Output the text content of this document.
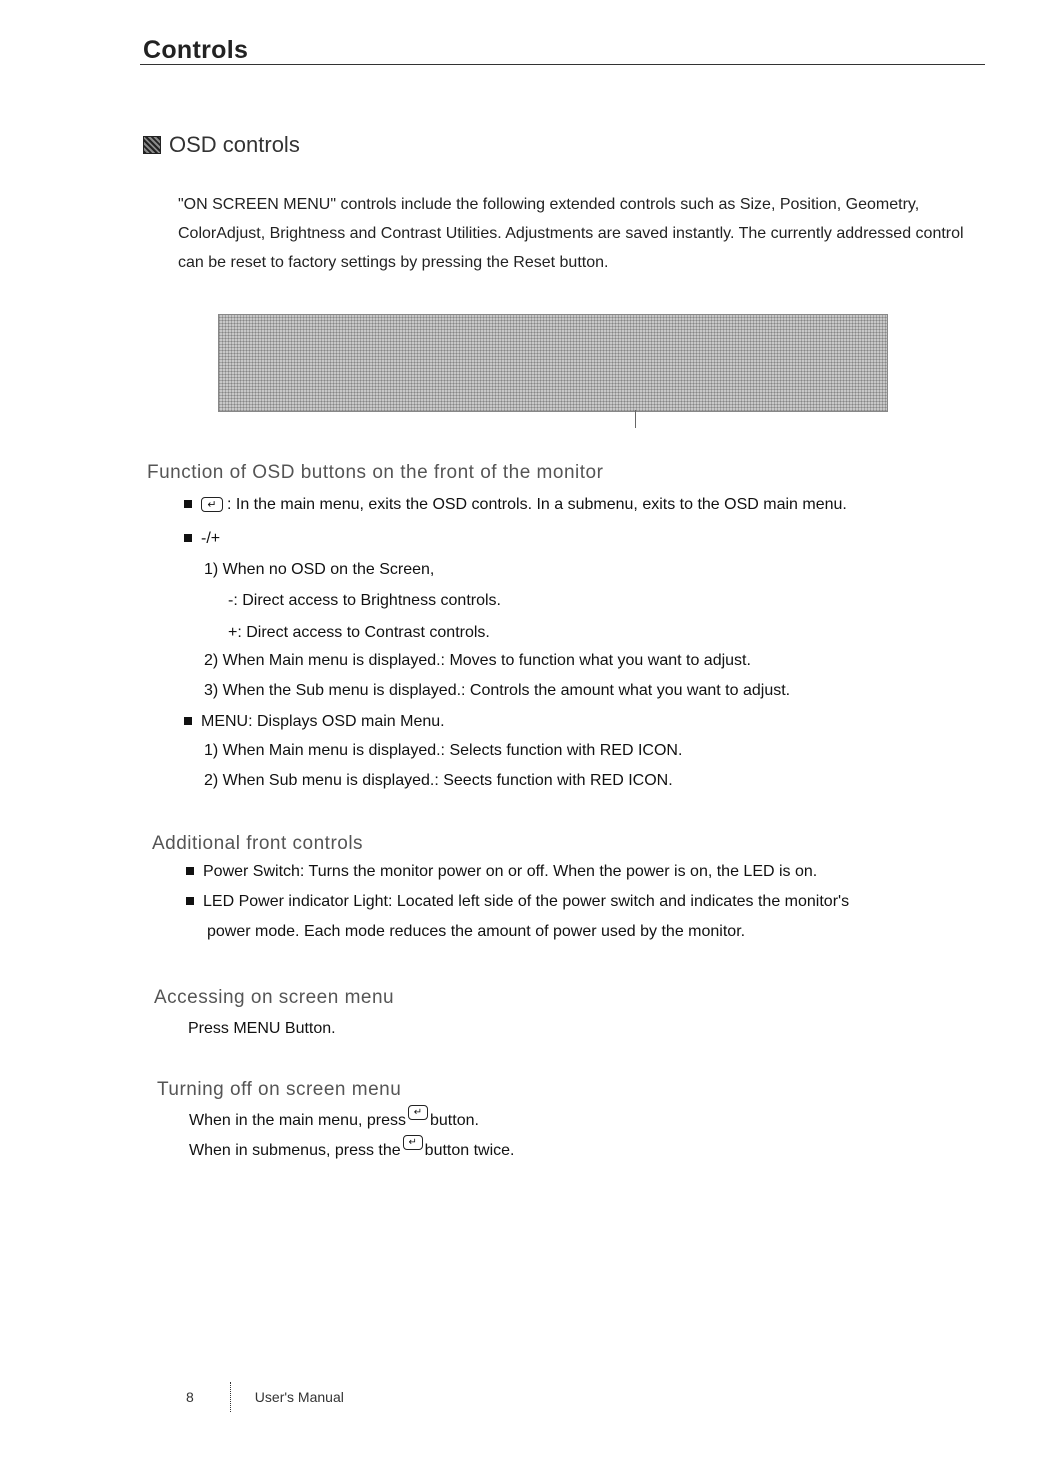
Controls
OSD controls
"ON SCREEN MENU" controls include the following extended controls such as Size, Position, Geometry, ColorAdjust, Brightness and Contrast Utilities. Adjustments are saved instantly. The currently addressed control can be reset to factory settings by pressing the Reset button.
Function of OSD buttons on the front of the monitor
↵ : In the main menu, exits the OSD controls. In a submenu, exits to the OSD main menu.
-/+
1) When no OSD on the Screen,
-: Direct access to Brightness controls.
+: Direct access to Contrast controls.
2) When Main menu is displayed.: Moves to function what you want to adjust.
3) When the Sub menu is displayed.: Controls the amount what you want to adjust.
MENU: Displays OSD main Menu.
1) When Main menu is displayed.: Selects function with RED ICON.
2) When Sub menu is displayed.: Seects function with RED ICON.
Additional front controls
Power Switch: Turns the monitor power on or off. When the power is on, the LED is on.
LED Power indicator Light: Located left side of the power switch and indicates the monitor's
power mode. Each mode reduces the amount of power used by the monitor.
Accessing on screen menu
Press MENU Button.
Turning off on screen menu
When in the main menu, press ↵ button.
When in submenus, press the ↵ button twice.
8	User's Manual
